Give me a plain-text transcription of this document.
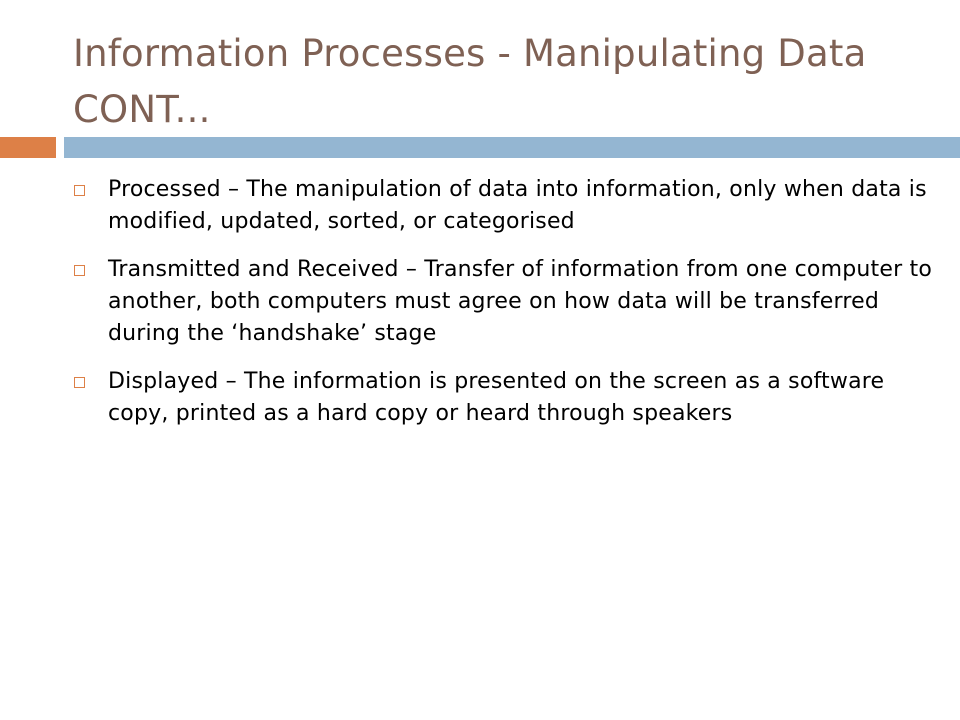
Information Processes - Manipulating Data CONT...
Processed – The manipulation of data into information, only when data is modified, updated, sorted, or categorised
Transmitted and Received – Transfer of information from one computer to another, both computers must agree on how data will be transferred during the ‘handshake’ stage
Displayed – The information is presented on the screen as a software copy, printed as a hard copy or heard through speakers
